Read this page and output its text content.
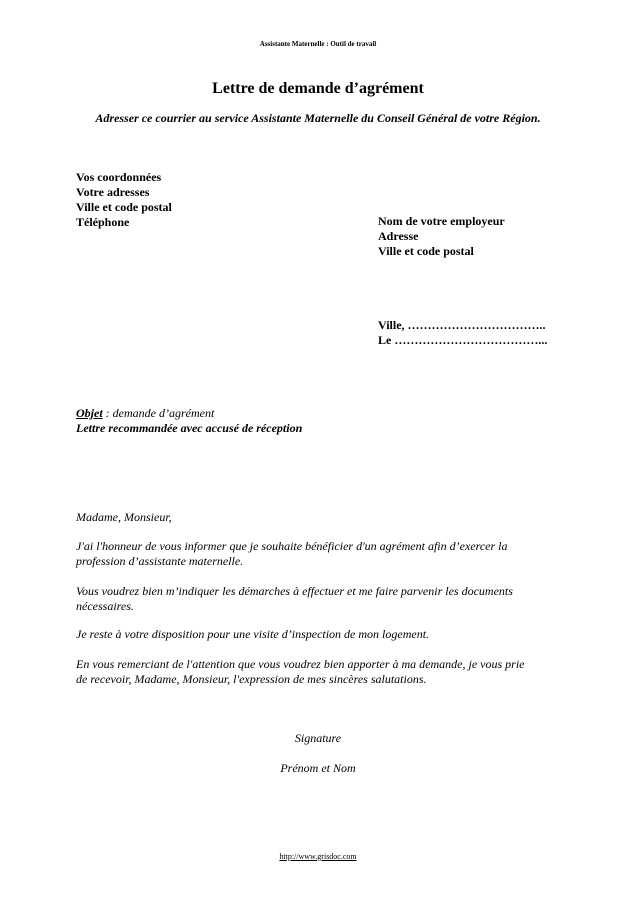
Assistante Maternelle : Outil de travail
Lettre de demande d’agrément
Adresser ce courrier au service Assistante Maternelle du Conseil Général de votre Région.
Vos coordonnées
Votre adresses
Ville et code postal
Téléphone	Nom de votre employeur
Adresse
Ville et code postal
Ville, ……………………………..
Le ………………………………...
Objet : demande d’agrément
Lettre recommandée avec accusé de réception
Madame, Monsieur,
J'ai l'honneur de vous informer que je souhaite bénéficier d'un agrément afin d’exercer la
profession d’assistante maternelle.
Vous voudrez bien m’indiquer les démarches à effectuer et me faire parvenir les documents
nécessaires.
Je reste à votre disposition pour une visite d’inspection de mon logement.
En vous remerciant de l'attention que vous voudrez bien apporter à ma demande, je vous prie
de recevoir, Madame, Monsieur, l'expression de mes sincères salutations.
Signature
Prénom et Nom
http://www.grisdoc.com
